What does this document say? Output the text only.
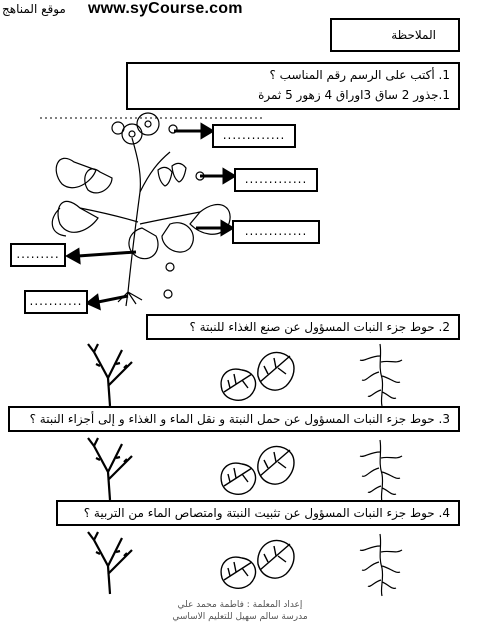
www.syCourse.com
موقع المناهج
الملاحظة
1. أكتب على الرسم رقم المناسب ؟
1.جذور 2 ساق 3اوراق 4 زهور 5 ثمرة
.............
.............
.............
.........
...........
2. حوط جزء النبات المسؤول عن صنع الغذاء للنبتة ؟
3. حوط جزء النبات المسؤول عن حمل النبتة و نقل الماء و الغذاء و إلى أجزاء النبتة ؟
4. حوط جزء النبات المسؤول عن تثبيت النبتة وامتصاص الماء من التربية ؟
إعداد المعلمة : فاطمة محمد علي
مدرسة سالم سهيل للتعليم الاساسي
